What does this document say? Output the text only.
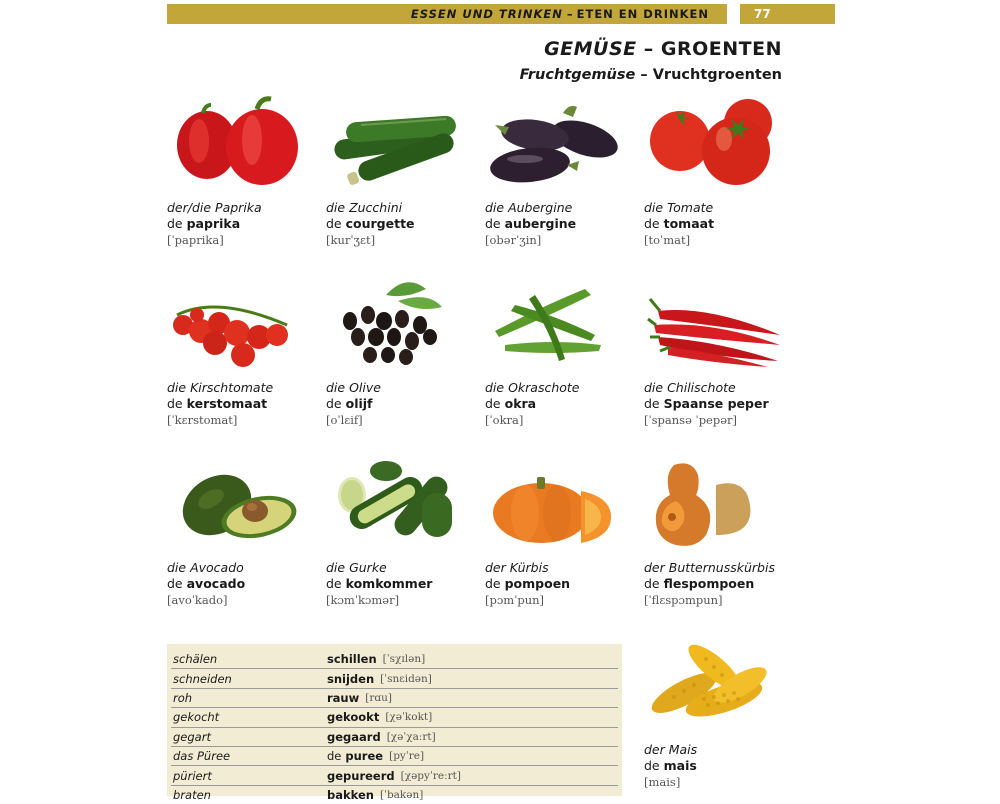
ESSEN UND TRINKEN – ETEN EN DRINKEN	77
GEMÜSE – GROENTEN
Fruchtgemüse – Vruchtgroenten
der/die Paprika
de paprika
[ˈpaprika]
die Zucchini
de courgette
[kurˈʒɛt]
die Aubergine
de aubergine
[obərˈʒin]
die Tomate
de tomaat
[toˈmat]
die Kirschtomate
de kerstomaat
[ˈkɛrstomat]
die Olive
de olijf
[oˈlɛif]
die Okraschote
de okra
[ˈokra]
die Chilischote
de Spaanse peper
[ˈspansə ˈpepər]
die Avocado
de avocado
[avoˈkado]
die Gurke
de komkommer
[kɔmˈkɔmər]
der Kürbis
de pompoen
[pɔmˈpun]
der Butternusskürbis
de flespompoen
[ˈflɛspɔmpun]
schälen	schillen [ˈsχɪlən]
schneiden	snijden [ˈsnɛidən]
roh	rauw [rɑu]
gekocht	gekookt [χəˈkokt]
gegart	gegaard [χəˈχaːrt]
das Püree	de puree [pyˈre]
püriert	gepureerd [χəpyˈreːrt]
braten	bakken [ˈbakən]
der Mais
de mais
[mais]
